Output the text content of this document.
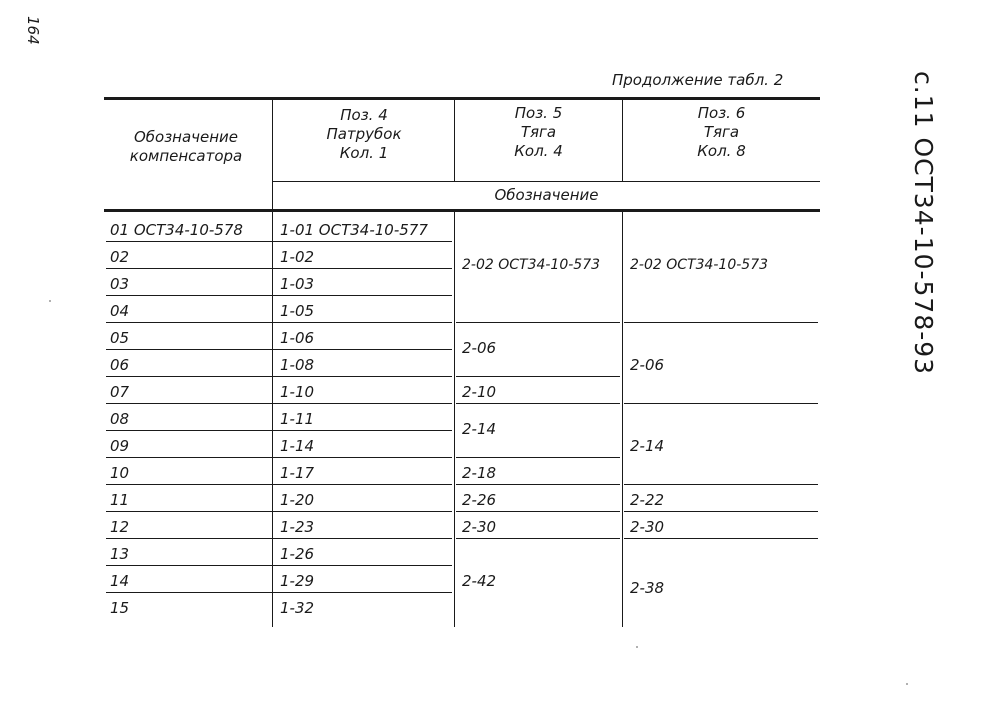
164
с.11 ОСТ34-10-578-93
Продолжение табл. 2
Обозначение
компенсатора
Поз. 4
Патрубок
Кол. 1
Поз. 5
Тяга
Кол. 4
Поз. 6
Тяга
Кол. 8
Обозначение
01 ОСТ34-10-578
02
03
04
05
06
07
08
09
10
11
12
13
14
15
1-01 ОСТ34-10-577
1-02
1-03
1-05
1-06
1-08
1-10
1-11
1-14
1-17
1-20
1-23
1-26
1-29
1-32
2-02 ОСТ34-10-573
2-06
2-10
2-14
2-18
2-26
2-30
2-42
2-02 ОСТ34-10-573
2-06
2-14
2-22
2-30
2-38
